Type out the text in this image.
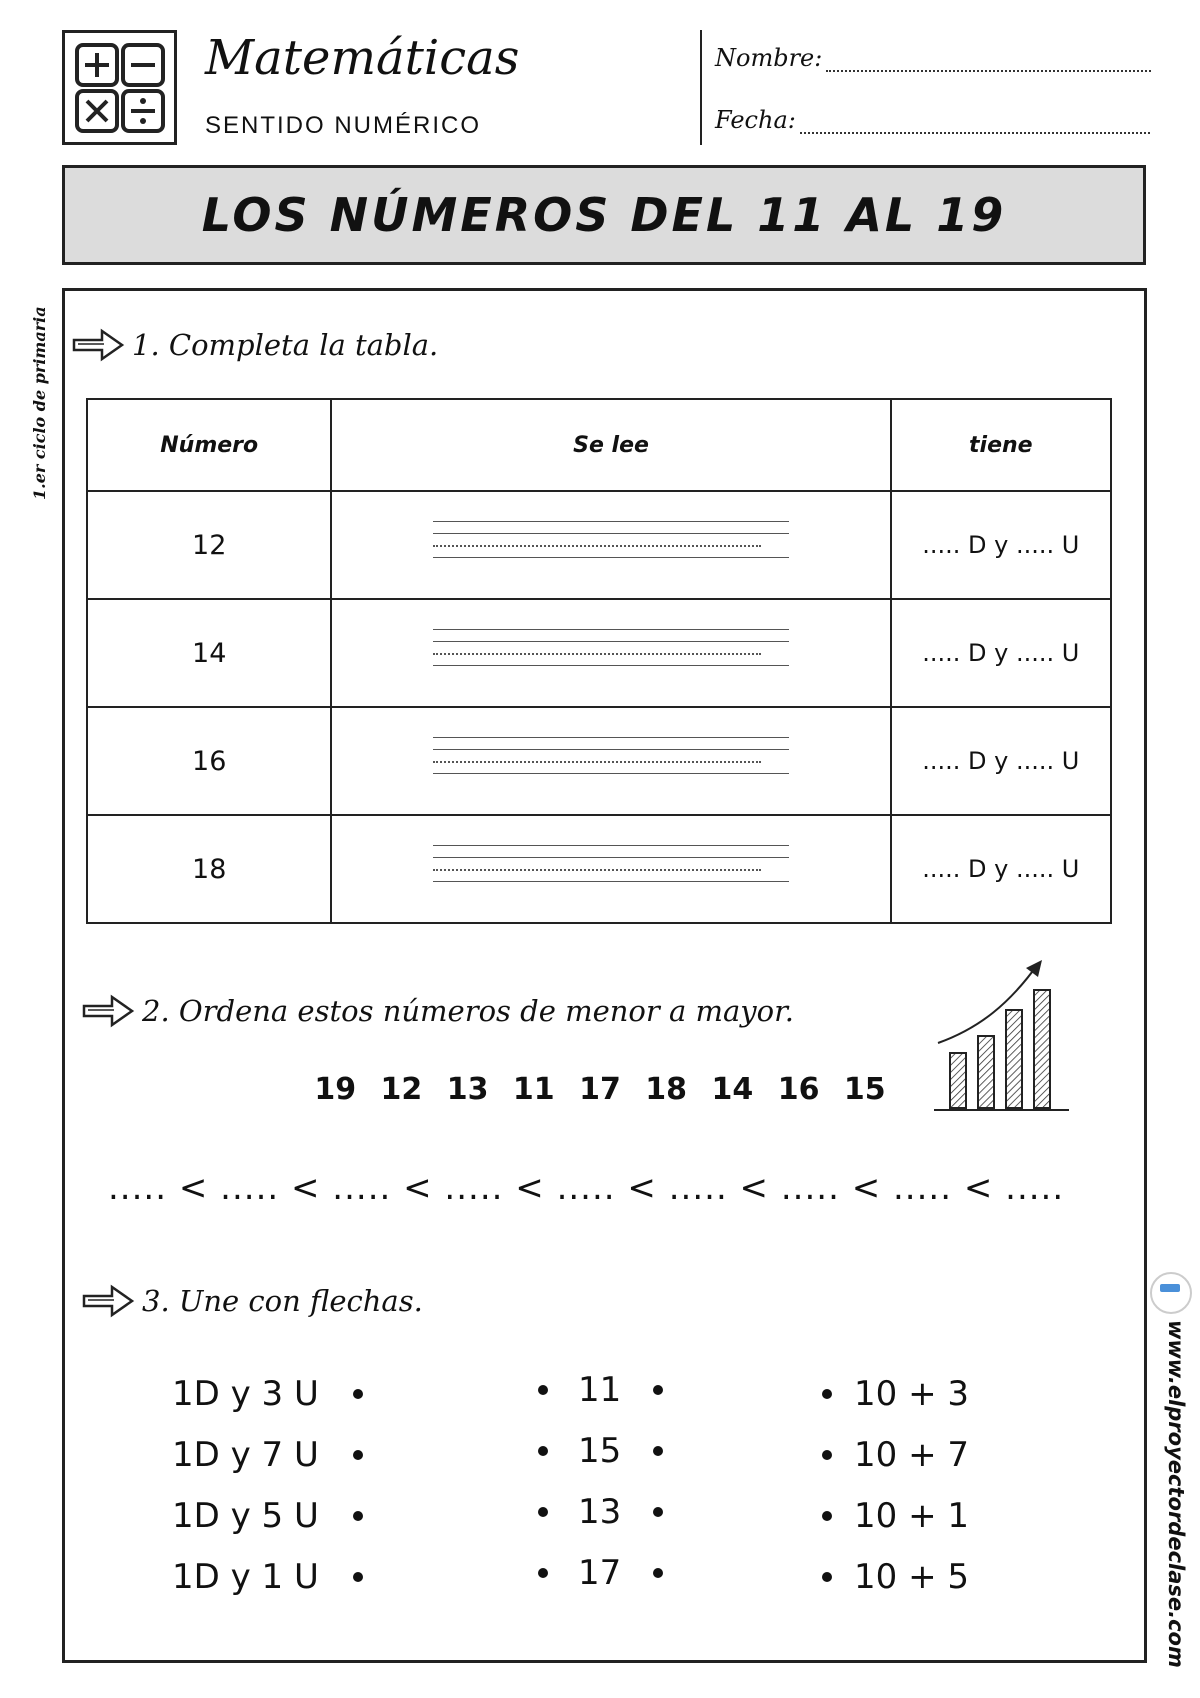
Matemáticas
SENTIDO NUMÉRICO
Nombre:
Fecha:
LOS NÚMEROS DEL 11 AL 19
1.er ciclo de primaria	1. Completa la tabla.
Número	Se lee	tiene
12		..... D y ..... U
14		..... D y ..... U
16		..... D y ..... U
18		..... D y ..... U
2. Ordena estos números de menor a mayor.
19 12 13 11 17 18 14 16 15
..... < ..... < ..... < ..... < ..... < ..... < ..... < ..... < .....
3. Une con flechas.
1D y 3 U
1D y 7 U
1D y 5 U
1D y 1 U
11
15
13
17
10 + 3
10 + 7
10 + 1
10 + 5	www.elproyectordeclase.com
